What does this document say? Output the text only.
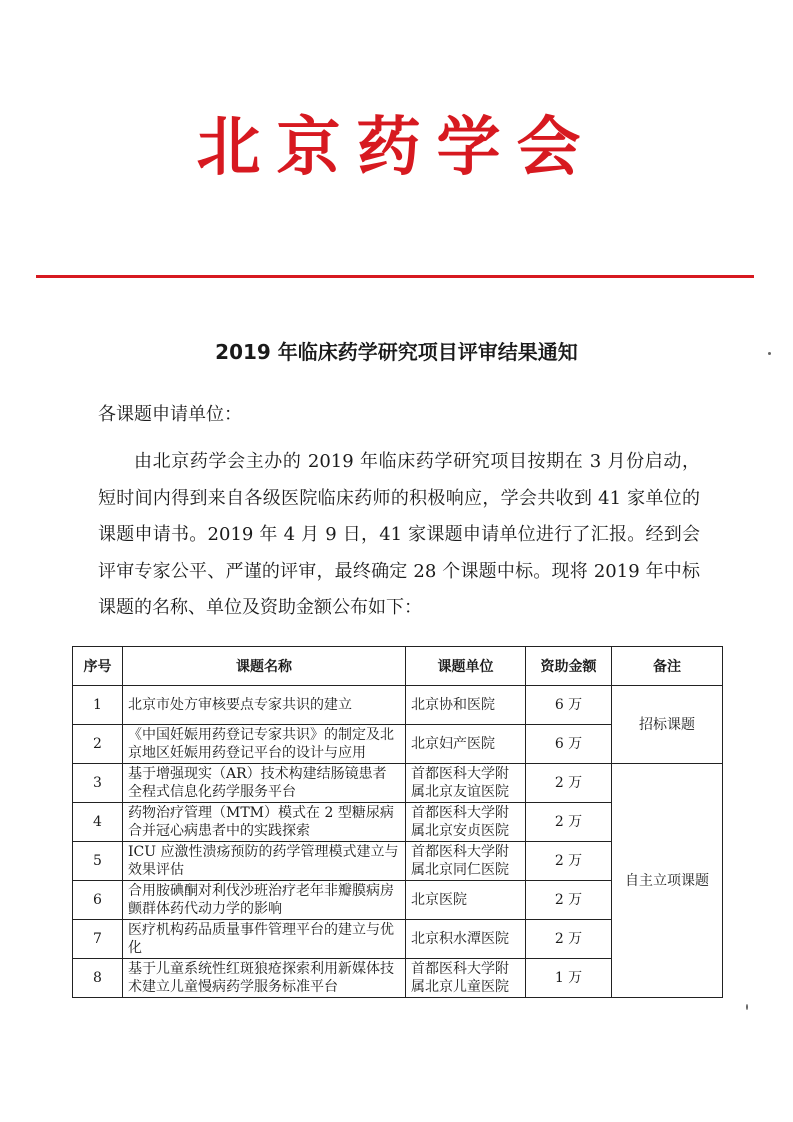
北京药学会
2019 年临床药学研究项目评审结果通知
各课题申请单位：
由北京药学会主办的 2019 年临床药学研究项目按期在 3 月份启动，短时间内得到来自各级医院临床药师的积极响应，学会共收到 41 家单位的课题申请书。2019 年 4 月 9 日，41 家课题申请单位进行了汇报。经到会评审专家公平、严谨的评审，最终确定 28 个课题中标。现将 2019 年中标课题的名称、单位及资助金额公布如下：
序号	课题名称	课题单位	资助金额	备注
1	北京市处方审核要点专家共识的建立	北京协和医院	6 万	招标课题
2	《中国妊娠用药登记专家共识》的制定及北京地区妊娠用药登记平台的设计与应用	北京妇产医院	6 万	
3	基于增强现实（AR）技术构建结肠镜患者全程式信息化药学服务平台	首都医科大学附属北京友谊医院	2 万	自主立项课题
4	药物治疗管理（MTM）模式在 2 型糖尿病合并冠心病患者中的实践探索	首都医科大学附属北京安贞医院	2 万	
5	ICU 应激性溃疡预防的药学管理模式建立与效果评估	首都医科大学附属北京同仁医院	2 万	
6	合用胺碘酮对利伐沙班治疗老年非瓣膜病房颤群体药代动力学的影响	北京医院	2 万	
7	医疗机构药品质量事件管理平台的建立与优化	北京积水潭医院	2 万	
8	基于儿童系统性红斑狼疮探索利用新媒体技术建立儿童慢病药学服务标准平台	首都医科大学附属北京儿童医院	1 万	
